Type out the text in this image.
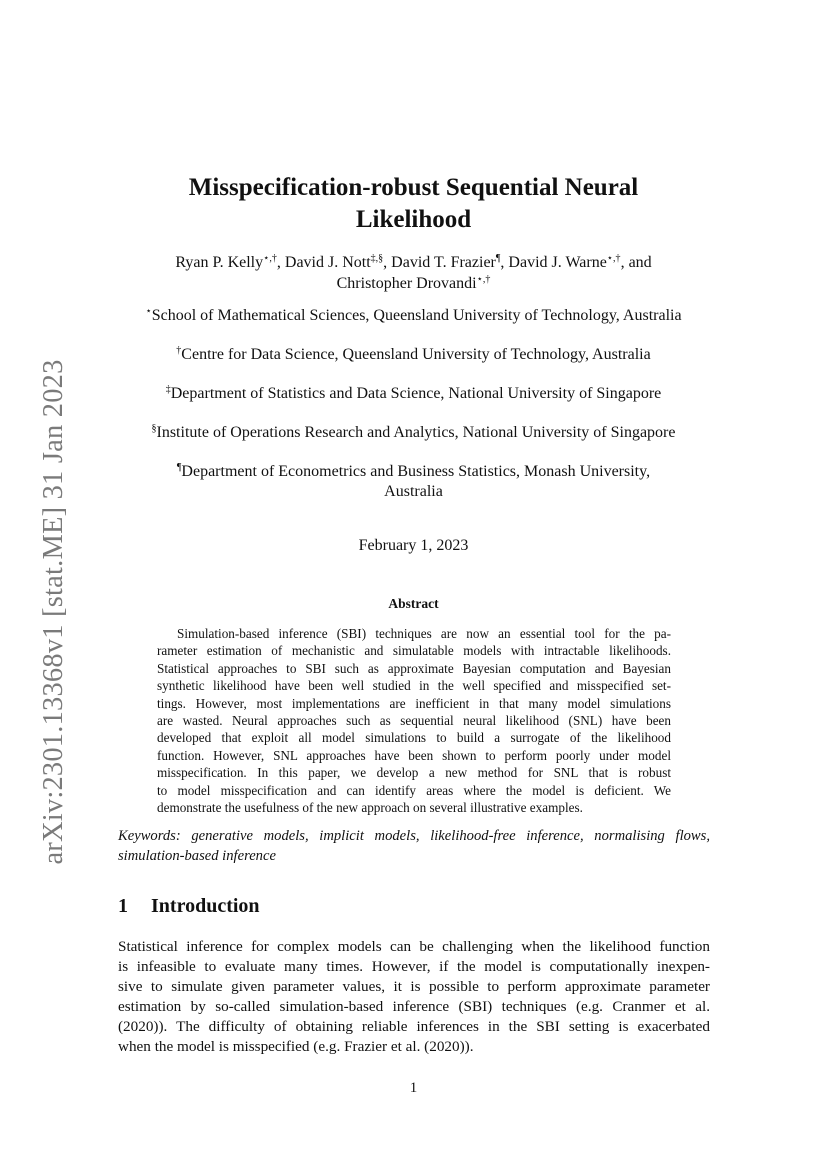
arXiv:2301.13368v1 [stat.ME] 31 Jan 2023
Misspecification-robust Sequential Neural
Likelihood
Ryan P. Kelly⋆,†, David J. Nott‡,§, David T. Frazier¶, David J. Warne⋆,†, and
Christopher Drovandi⋆,†
⋆School of Mathematical Sciences, Queensland University of Technology, Australia
†Centre for Data Science, Queensland University of Technology, Australia
‡Department of Statistics and Data Science, National University of Singapore
§Institute of Operations Research and Analytics, National University of Singapore
¶Department of Econometrics and Business Statistics, Monash University,
Australia
February 1, 2023
Abstract
Simulation-based inference (SBI) techniques are now an essential tool for the pa-
rameter estimation of mechanistic and simulatable models with intractable likelihoods.
Statistical approaches to SBI such as approximate Bayesian computation and Bayesian
synthetic likelihood have been well studied in the well specified and misspecified set-
tings. However, most implementations are inefficient in that many model simulations
are wasted. Neural approaches such as sequential neural likelihood (SNL) have been
developed that exploit all model simulations to build a surrogate of the likelihood
function. However, SNL approaches have been shown to perform poorly under model
misspecification. In this paper, we develop a new method for SNL that is robust
to model misspecification and can identify areas where the model is deficient. We
demonstrate the usefulness of the new approach on several illustrative examples.
Keywords: generative models, implicit models, likelihood-free inference, normalising flows,
simulation-based inference
1 Introduction
Statistical inference for complex models can be challenging when the likelihood function
is infeasible to evaluate many times. However, if the model is computationally inexpen-
sive to simulate given parameter values, it is possible to perform approximate parameter
estimation by so-called simulation-based inference (SBI) techniques (e.g. Cranmer et al.
(2020)). The difficulty of obtaining reliable inferences in the SBI setting is exacerbated
when the model is misspecified (e.g. Frazier et al. (2020)).
1
